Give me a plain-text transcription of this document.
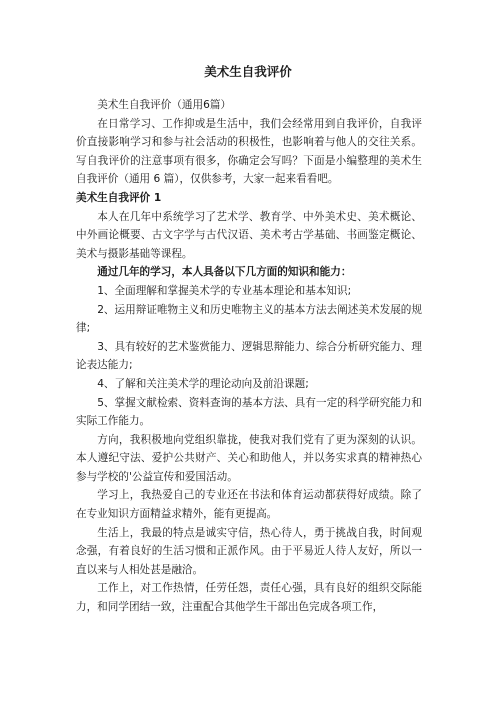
美术生自我评价

美术生自我评价（通用6篇）

在日常学习、工作抑或是生活中，我们会经常用到自我评价，自我评价直接影响学习和参与社会活动的积极性，也影响着与他人的交往关系。写自我评价的注意事项有很多，你确定会写吗？下面是小编整理的美术生自我评价（通用 6 篇），仅供参考，大家一起来看看吧。

美术生自我评价 1

本人在几年中系统学习了艺术学、教育学、中外美术史、美术概论、中外画论概要、古文字学与古代汉语、美术考古学基础、书画鉴定概论、美术与摄影基础等课程。

通过几年的学习，本人具备以下几方面的知识和能力：

1、全面理解和掌握美术学的专业基本理论和基本知识;

2、运用辩证唯物主义和历史唯物主义的基本方法去阐述美术发展的规律;

3、具有较好的艺术鉴赏能力、逻辑思辩能力、综合分析研究能力、理论表达能力;

4、了解和关注美术学的理论动向及前沿课题;

5、掌握文献检索、资料查询的基本方法、具有一定的科学研究能力和实际工作能力。

方向，我积极地向党组织靠拢，使我对我们党有了更为深刻的认识。本人遵纪守法、爱护公共财产、关心和助他人，并以务实求真的精神热心参与学校的'公益宣传和爱国活动。

学习上，我热爱自己的专业还在书法和体育运动都获得好成绩。除了在专业知识方面精益求精外，能有更提高。

生活上，我最的特点是诚实守信，热心待人，勇于挑战自我，时间观念强，有着良好的生活习惯和正派作风。由于平易近人待人友好，所以一直以来与人相处甚是融洽。

工作上，对工作热情，任劳任怨，责任心强，具有良好的组织交际能力，和同学团结一致，注重配合其他学生干部出色完成各项工作，
